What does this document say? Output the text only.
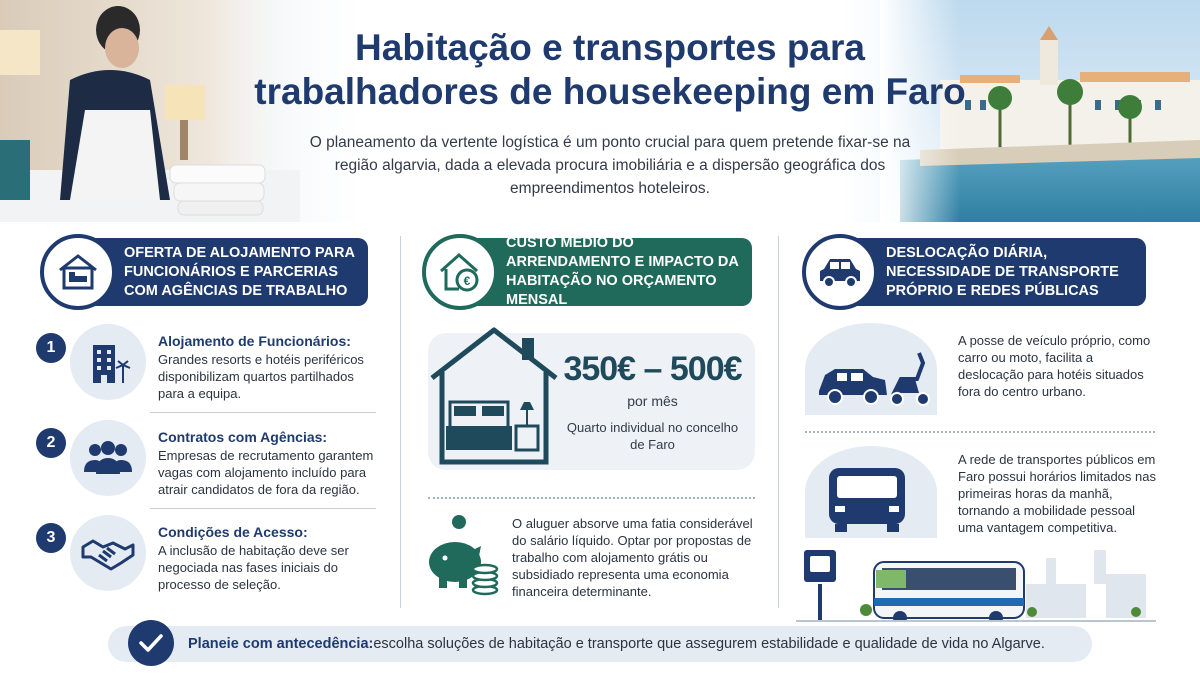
Habitação e transportes para trabalhadores de housekeeping em Faro
O planeamento da vertente logística é um ponto crucial para quem pretende fixar-se na região algarvia, dada a elevada procura imobiliária e a dispersão geográfica dos empreendimentos hoteleiros.
OFERTA DE ALOJAMENTO PARA FUNCIONÁRIOS E PARCERIAS COM AGÊNCIAS DE TRABALHO
1	Alojamento de Funcionários:
Grandes resorts e hotéis periféricos disponibilizam quartos partilhados para a equipa.
2	Contratos com Agências:
Empresas de recrutamento garantem vagas com alojamento incluído para atrair candidatos de fora da região.
3	Condições de Acesso:
A inclusão de habitação deve ser negociada nas fases iniciais do processo de seleção.
€
CUSTO MÉDIO DO ARRENDAMENTO E IMPACTO DA HABITAÇÃO NO ORÇAMENTO MENSAL
350€ – 500€
por mês
Quarto individual no concelho de Faro
O aluguer absorve uma fatia considerável do salário líquido. Optar por propostas de trabalho com alojamento grátis ou subsidiado representa uma economia financeira determinante.
DESLOCAÇÃO DIÁRIA, NECESSIDADE DE TRANSPORTE PRÓPRIO E REDES PÚBLICAS
A posse de veículo próprio, como carro ou moto, facilita a deslocação para hotéis situados fora do centro urbano.
A rede de transportes públicos em Faro possui horários limitados nas primeiras horas da manhã, tornando a mobilidade pessoal uma vantagem competitiva.
Planeie com antecedência: escolha soluções de habitação e transporte que assegurem estabilidade e qualidade de vida no Algarve.
